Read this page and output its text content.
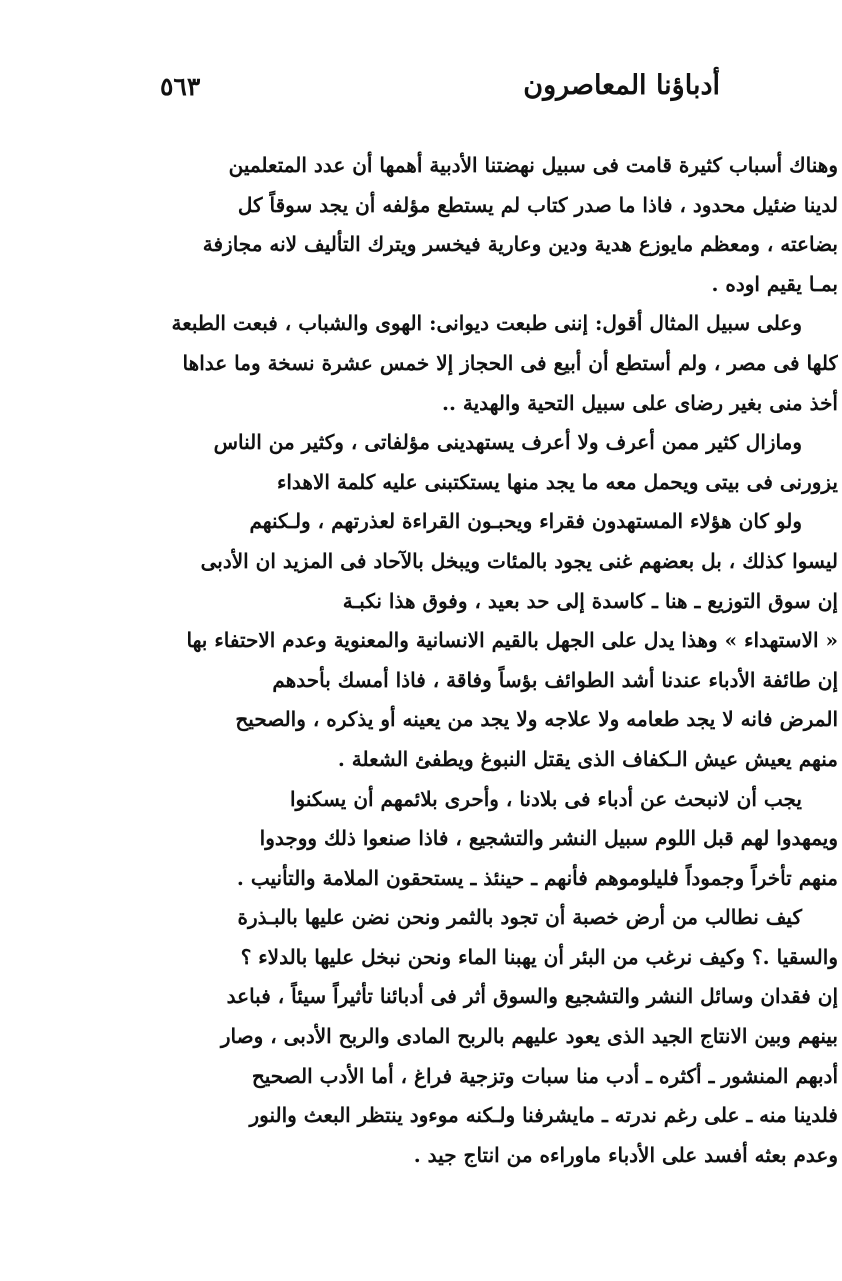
أدباؤنا المعاصرون
٥٦٣
وهناك أسباب كثيرة قامت فى سبيل نهضتنا الأدبية أهمها أن عدد المتعلمين
لدينا ضئيل محدود ، فاذا ما صدر كتاب لم يستطع مؤلفه أن يجد سوقاً كل
بضاعته ، ومعظم مايوزع هدية ودين وعارية فيخسر ويترك التأليف لانه مجازفة
بمـا يقيم اوده .
وعلى سبيل المثال أقول: إننى طبعت ديوانى: الهوى والشباب ، فبعت الطبعة
كلها فى مصر ، ولم أستطع أن أبيع فى الحجاز إلا خمس عشرة نسخة وما عداها
أخذ منى بغير رضاى على سبيل التحية والهدية ..
ومازال كثير ممن أعرف ولا أعرف يستهدينى مؤلفاتى ، وكثير من الناس
يزورنى فى بيتى ويحمل معه ما يجد منها يستكتبنى عليه كلمة الاهداء
ولو كان هؤلاء المستهدون فقراء ويحبـون القراءة لعذرتهم ، ولـكنهم
ليسوا كذلك ، بل بعضهم غنى يجود بالمئات ويبخل بالآحاد فى المزيد ان الأدبى
إن سوق التوزيع ـ هنا ـ كاسدة إلى حد بعيد ، وفوق هذا نكبـة
« الاستهداء » وهذا يدل على الجهل بالقيم الانسانية والمعنوية وعدم الاحتفاء بها
إن طائفة الأدباء عندنا أشد الطوائف بؤساً وفاقة ، فاذا أمسك بأحدهم
المرض فانه لا يجد طعامه ولا علاجه ولا يجد من يعينه أو يذكره ، والصحيح
منهم يعيش عيش الـكفاف الذى يقتل النبوغ ويطفئ الشعلة .
يجب أن لانبحث عن أدباء فى بلادنا ، وأحرى بلائمهم أن يسكنوا
ويمهدوا لهم قبل اللوم سبيل النشر والتشجيع ، فاذا صنعوا ذلك ووجدوا
منهم تأخراً وجموداً فليلوموهم فأنهم ـ حينئذ ـ يستحقون الملامة والتأنيب .
كيف نطالب من أرض خصبة أن تجود بالثمر ونحن نضن عليها بالبـذرة
والسقيا .؟ وكيف نرغب من البئر أن يهبنا الماء ونحن نبخل عليها بالدلاء ؟
إن فقدان وسائل النشر والتشجيع والسوق أثر فى أدبائنا تأثيراً سيئاً ، فباعد
بينهم وبين الانتاج الجيد الذى يعود عليهم بالربح المادى والربح الأدبى ، وصار
أدبهم المنشور ـ أكثره ـ أدب منا سبات وتزجية فراغ ، أما الأدب الصحيح
فلدينا منه ـ على رغم ندرته ـ مايشرفنا ولـكنه موءود ينتظر البعث والنور
وعدم بعثه أفسد على الأدباء ماوراءه من انتاج جيد .
